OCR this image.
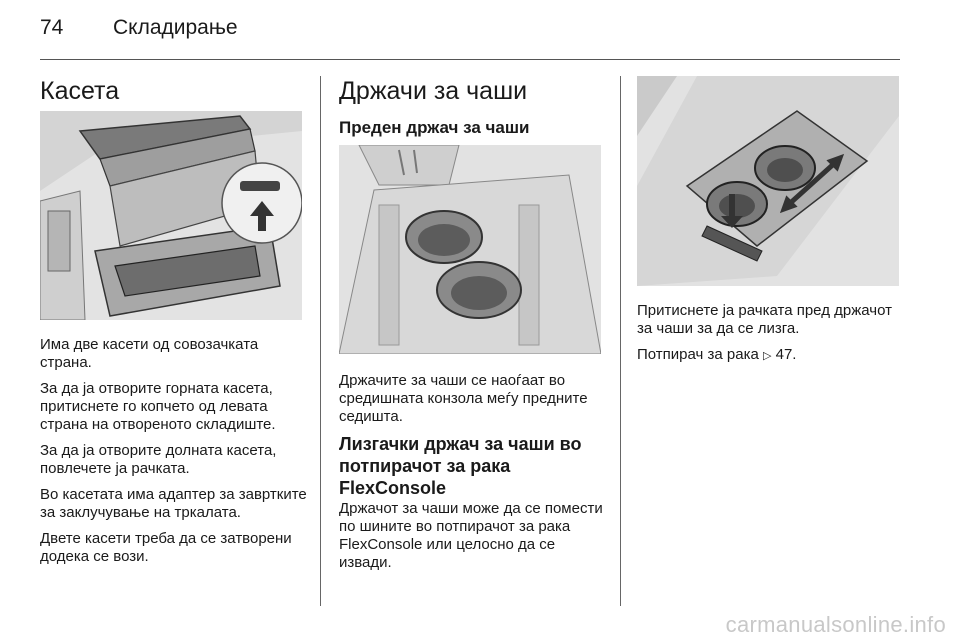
74 Складирање
Касета

Има две касети од совозачката страна.

За да ја отворите горната касета, притиснете го копчето од левата страна на отвореното складиште.

За да ја отворите долната касета, повлечете ја рачката.

Во касетата има адаптер за завртките за заклучување на тркалата.

Двете касети треба да се затворени додека се вози.

Држачи за чаши
Преден држач за чаши

Држачите за чаши се наоѓаат во средишната конзола меѓу предните седишта.

Лизгачки држач за чаши во потпирачот за рака FlexConsole

Држачот за чаши може да се помести по шините во потпирачот за рака FlexConsole или целосно да се извади.

Притиснете ја рачката пред држачот за чаши за да се лизга.

Потпирач за рака ▷ 47.

carmanualsonline.info
